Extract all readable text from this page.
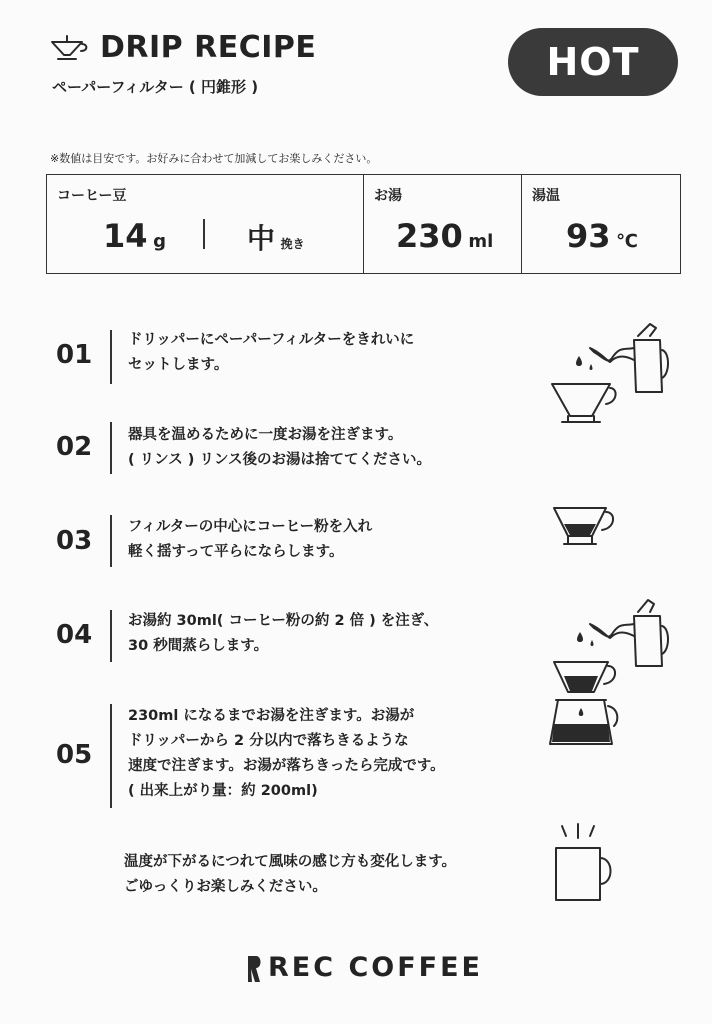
DRIP RECIPE
ペーパーフィルター ( 円錐形 )
HOT
※数値は目安です。お好みに合わせて加減してお楽しみください。
コーヒー豆
14 g	中 挽き
お湯
230 ml
湯温
93 ℃
01	ドリッパーにペーパーフィルターをきれいに
セットします。
02	器具を温めるために一度お湯を注ぎます。
( リンス ) リンス後のお湯は捨ててください。
03	フィルターの中心にコーヒー粉を入れ
軽く揺すって平らにならします。
04	お湯約 30ml( コーヒー粉の約 2 倍 ) を注ぎ、
30 秒間蒸らします。
05
230ml になるまでお湯を注ぎます。お湯が
ドリッパーから 2 分以内で落ちきるような
速度で注ぎます。お湯が落ちきったら完成です。
( 出来上がり量：約 200ml)
温度が下がるにつれて風味の感じ方も変化します。
ごゆっくりお楽しみください。
REC COFFEE
